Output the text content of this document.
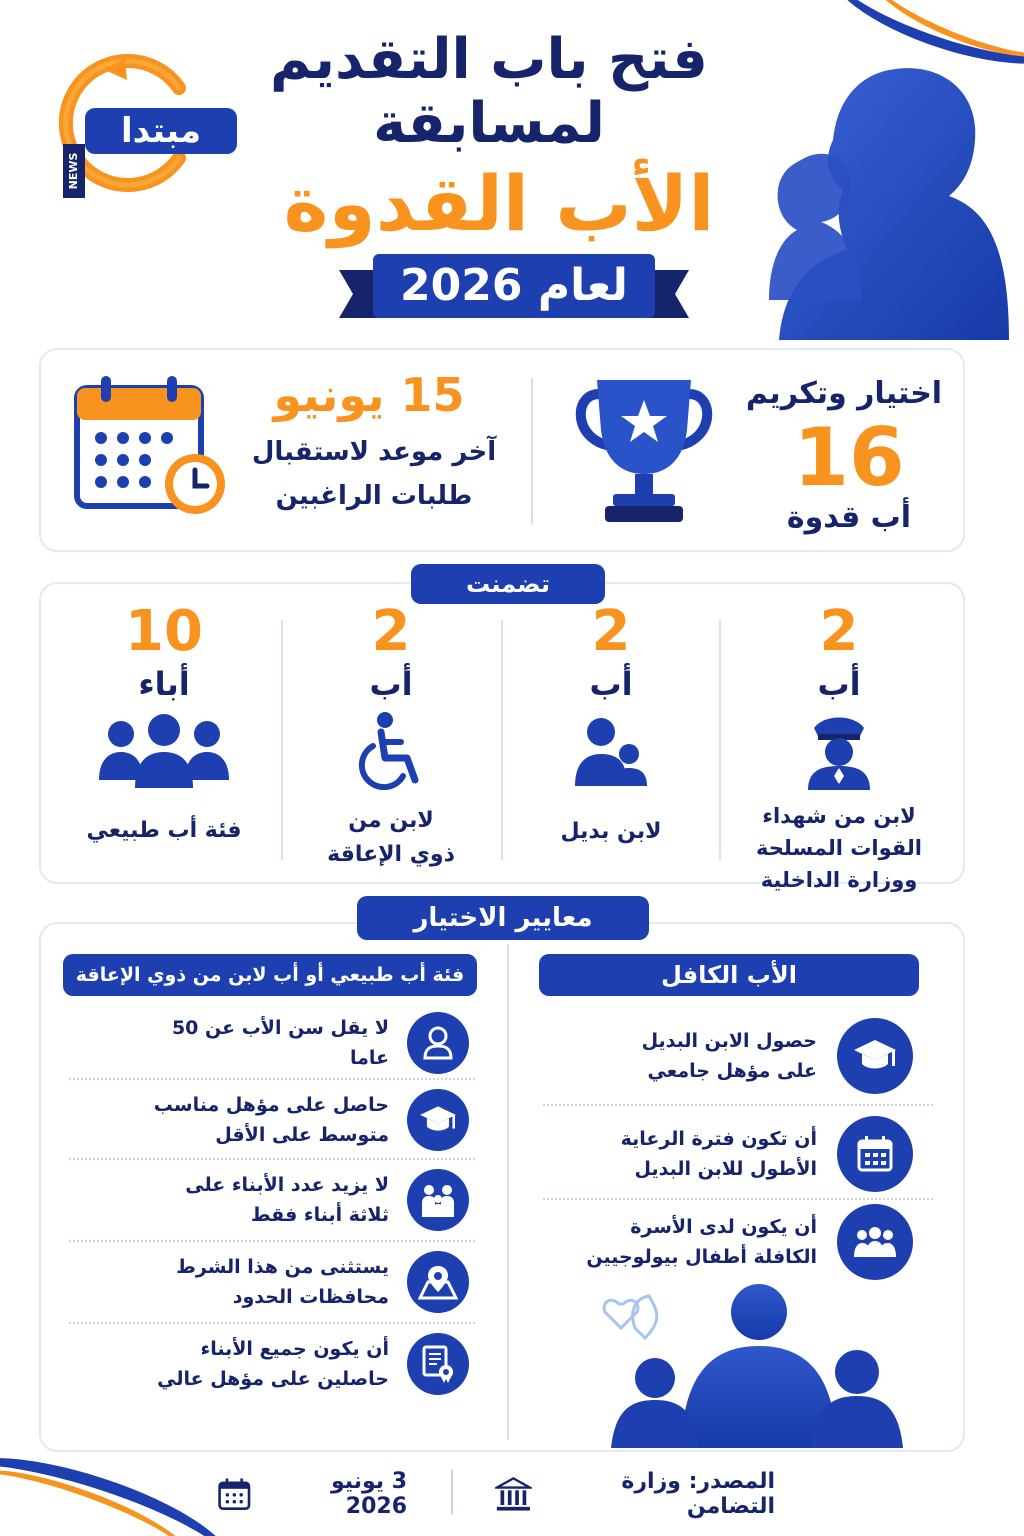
مبتدا
NEWS
فتح باب التقديم
لمسابقة
الأب القدوة
لعام 2026
اختيار وتكريم
16
أب قدوة
15 يونيو
آخر موعد لاستقبال
طلبات الراغبين
تضمنت
2
أب
لابن من شهداء
القوات المسلحة
ووزارة الداخلية
2
أب
لابن بديل
2
أب
لابن من
ذوي الإعاقة
10
أباء
فئة أب طبيعي
معايير الاختيار
الأب الكافل
فئة أب طبيعي أو أب لابن من ذوي الإعاقة
حصول الابن البديل
على مؤهل جامعي
أن تكون فترة الرعاية
الأطول للابن البديل
أن يكون لدى الأسرة
الكافلة أطفال بيولوجيين
لا يقل سن الأب عن 50 عاما
حاصل على مؤهل مناسب
متوسط على الأقل
لا يزيد عدد الأبناء على
ثلاثة أبناء فقط
يستثنى من هذا الشرط
محافظات الحدود
أن يكون جميع الأبناء
حاصلين على مؤهل عالي
المصدر: وزارة التضامن
3 يونيو 2026
